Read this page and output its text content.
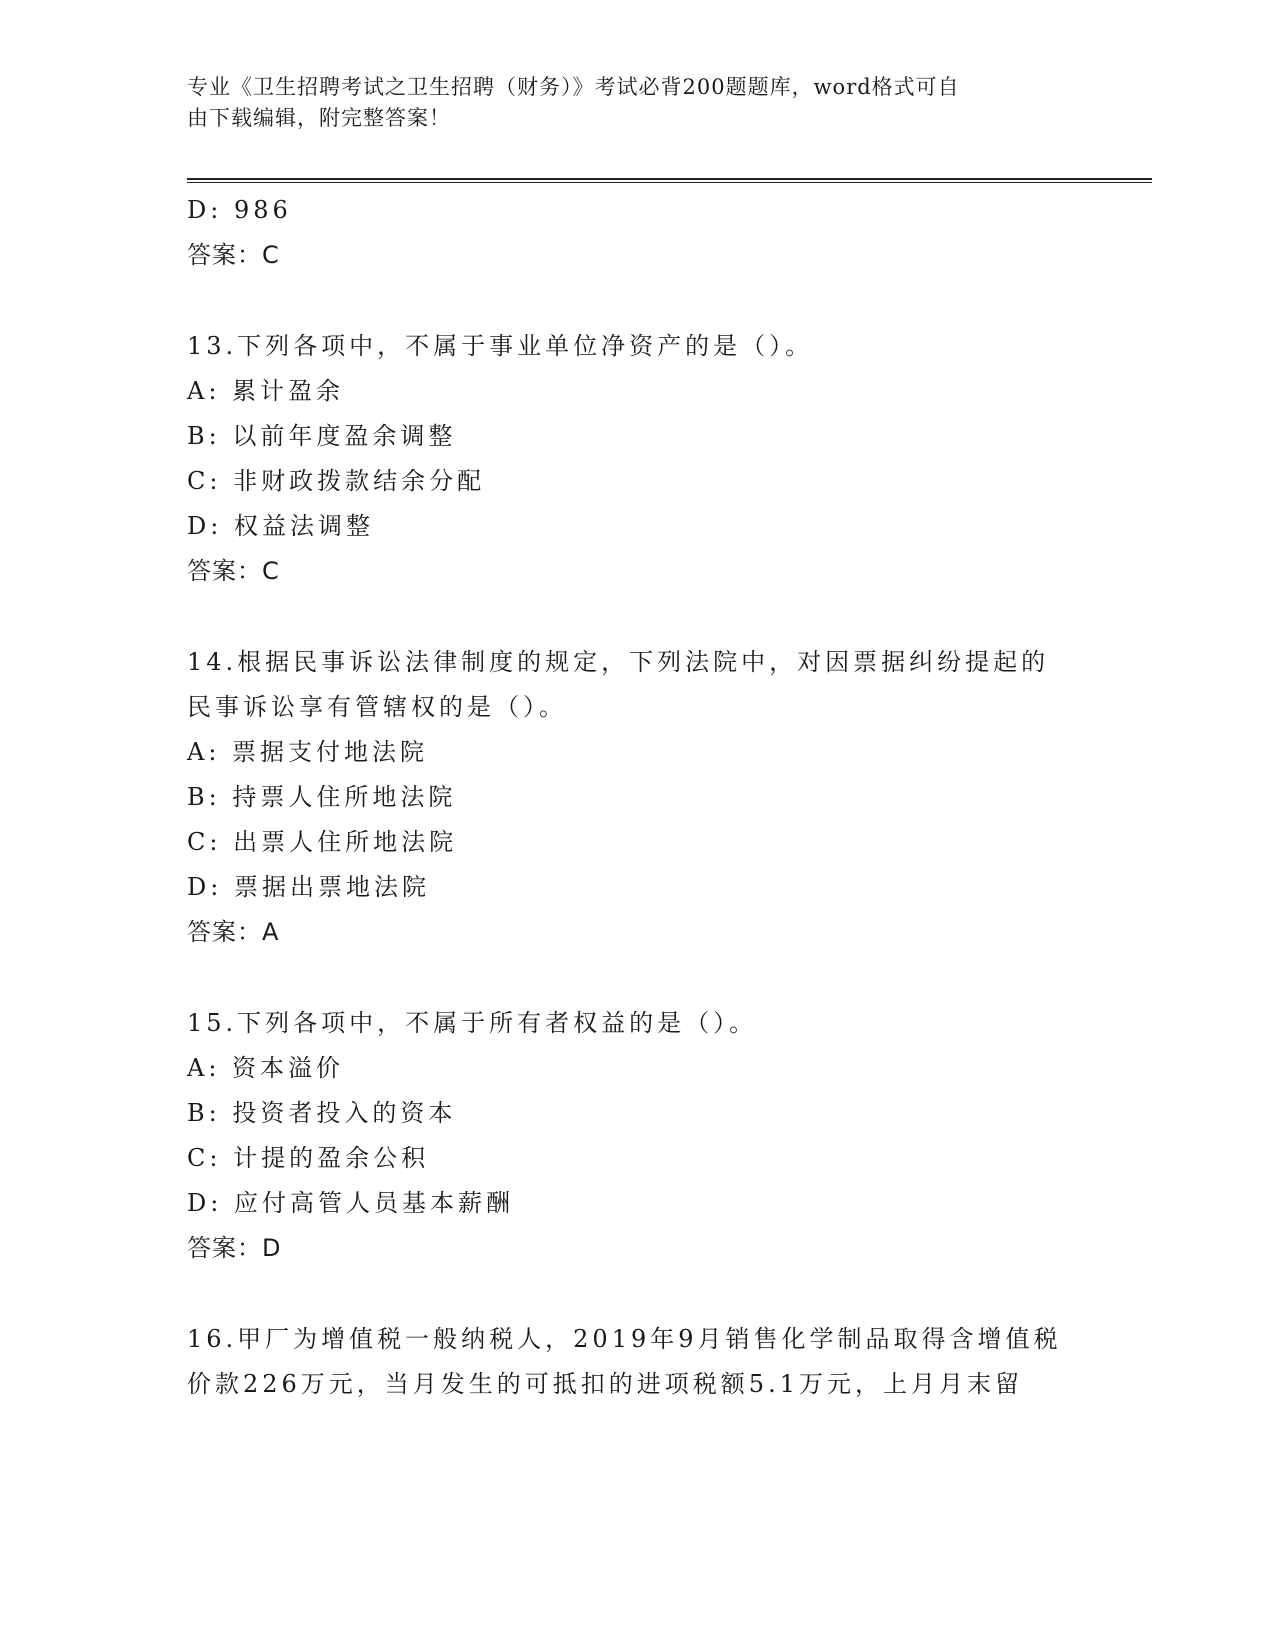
专业《卫生招聘考试之卫生招聘（财务）》考试必背200题题库，word格式可自
由下载编辑，附完整答案！
D: 986
答案：C
13.下列各项中，不属于事业单位净资产的是（）。
A: 累计盈余
B: 以前年度盈余调整
C: 非财政拨款结余分配
D: 权益法调整
答案：C
14.根据民事诉讼法律制度的规定，下列法院中，对因票据纠纷提起的
民事诉讼享有管辖权的是（）。
A: 票据支付地法院
B: 持票人住所地法院
C: 出票人住所地法院
D: 票据出票地法院
答案：A
15.下列各项中，不属于所有者权益的是（）。
A: 资本溢价
B: 投资者投入的资本
C: 计提的盈余公积
D: 应付高管人员基本薪酬
答案：D
16.甲厂为增值税一般纳税人，2019年9月销售化学制品取得含增值税
价款226万元，当月发生的可抵扣的进项税额5.1万元，上月月末留
